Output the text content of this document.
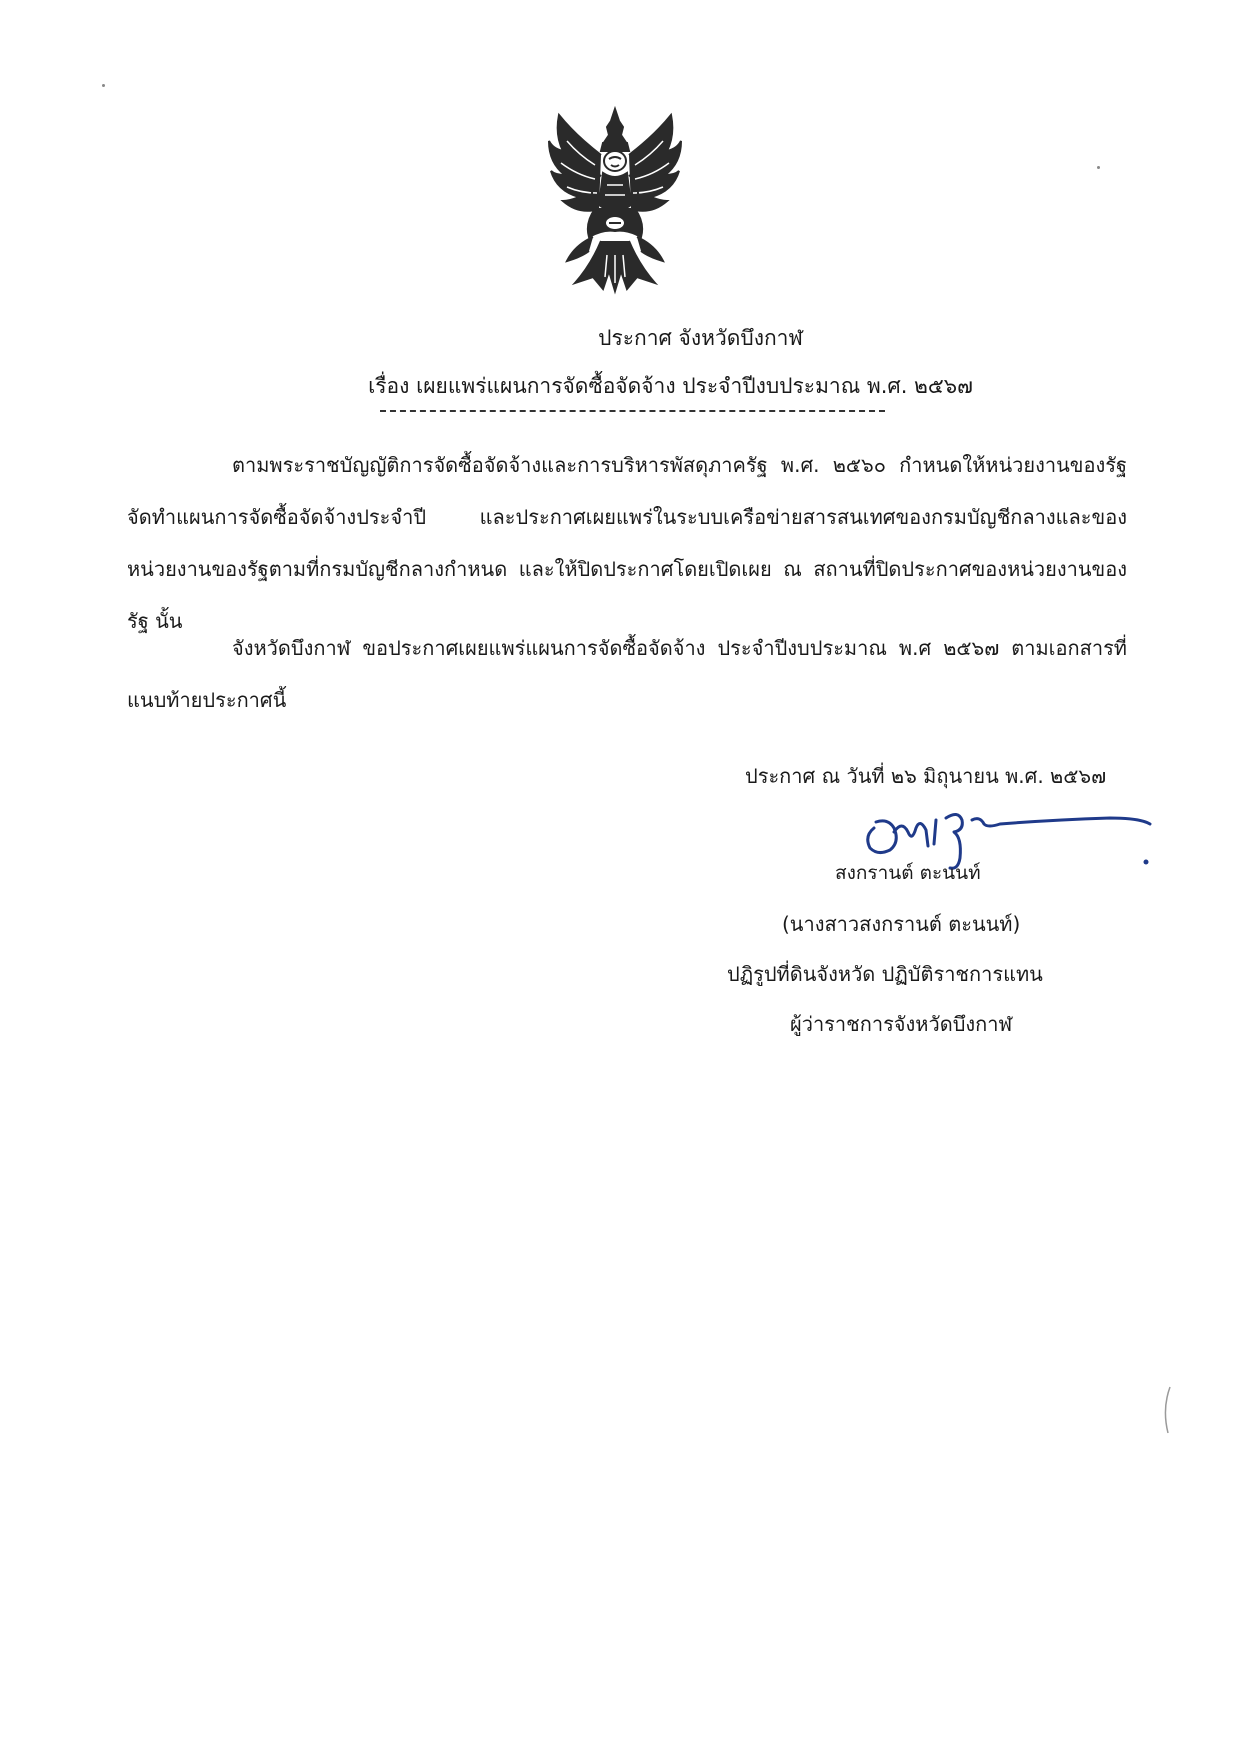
ประกาศ จังหวัดบึงกาฬ
เรื่อง เผยแพร่แผนการจัดซื้อจัดจ้าง ประจำปีงบประมาณ พ.ศ. ๒๕๖๗

ตามพระราชบัญญัติการจัดซื้อจัดจ้างและการบริหารพัสดุภาครัฐ พ.ศ. ๒๕๖๐ กำหนดให้หน่วยงานของรัฐจัดทำแผนการจัดซื้อจัดจ้างประจำปี และประกาศเผยแพร่ในระบบเครือข่ายสารสนเทศของกรมบัญชีกลางและของหน่วยงานของรัฐตามที่กรมบัญชีกลางกำหนด และให้ปิดประกาศโดยเปิดเผย ณ สถานที่ปิดประกาศของหน่วยงานของรัฐ นั้น

จังหวัดบึงกาฬ ขอประกาศเผยแพร่แผนการจัดซื้อจัดจ้าง ประจำปีงบประมาณ พ.ศ ๒๕๖๗ ตามเอกสารที่แนบท้ายประกาศนี้

ประกาศ ณ วันที่ ๒๖ มิถุนายน พ.ศ. ๒๕๖๗
สงกรานต์ ตะนนท์
(นางสาวสงกรานต์ ตะนนท์)
ปฏิรูปที่ดินจังหวัด ปฏิบัติราชการแทน
ผู้ว่าราชการจังหวัดบึงกาฬ
